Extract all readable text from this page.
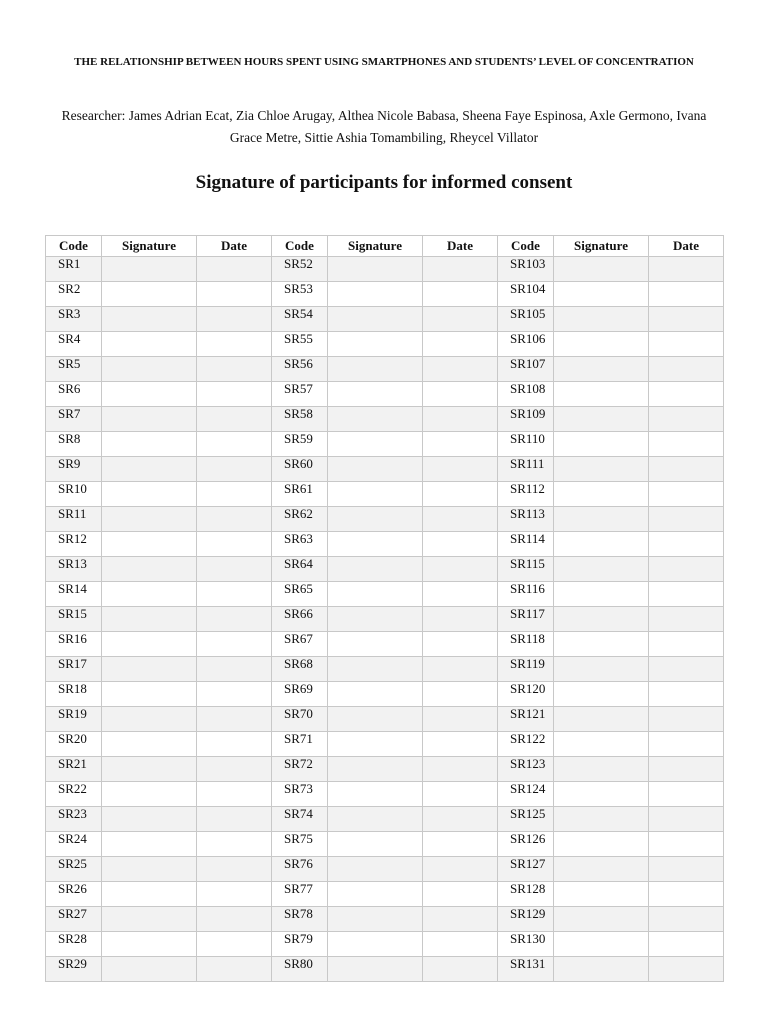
THE RELATIONSHIP BETWEEN HOURS SPENT USING SMARTPHONES AND STUDENTS’ LEVEL OF CONCENTRATION

Researcher: James Adrian Ecat, Zia Chloe Arugay, Althea Nicole Babasa, Sheena Faye Espinosa, Axle Germono, Ivana Grace Metre, Sittie Ashia Tomambiling, Rheycel Villator

Signature of participants for informed consent
Code	Signature	Date	Code	Signature	Date	Code	Signature	Date
SR1			SR52			SR103		
SR2			SR53			SR104		
SR3			SR54			SR105		
SR4			SR55			SR106		
SR5			SR56			SR107		
SR6			SR57			SR108		
SR7			SR58			SR109		
SR8			SR59			SR110		
SR9			SR60			SR111		
SR10			SR61			SR112		
SR11			SR62			SR113		
SR12			SR63			SR114		
SR13			SR64			SR115		
SR14			SR65			SR116		
SR15			SR66			SR117		
SR16			SR67			SR118		
SR17			SR68			SR119		
SR18			SR69			SR120		
SR19			SR70			SR121		
SR20			SR71			SR122		
SR21			SR72			SR123		
SR22			SR73			SR124		
SR23			SR74			SR125		
SR24			SR75			SR126		
SR25			SR76			SR127		
SR26			SR77			SR128		
SR27			SR78			SR129		
SR28			SR79			SR130		
SR29			SR80			SR131		
